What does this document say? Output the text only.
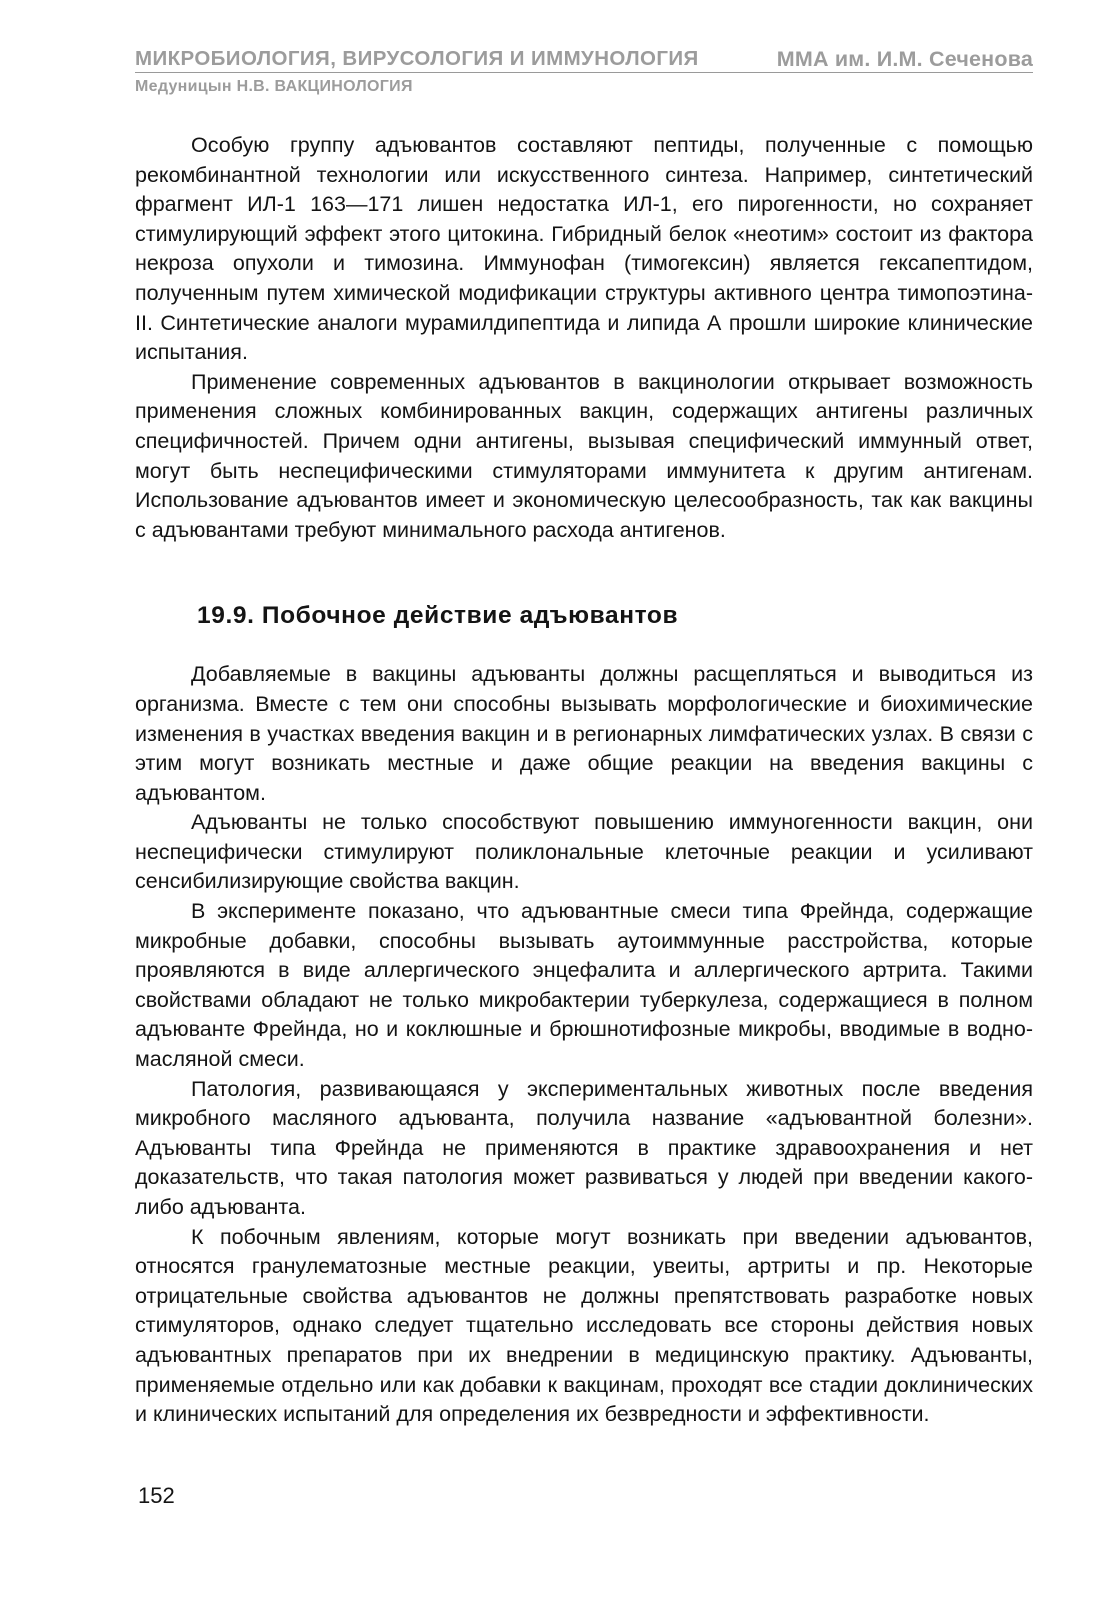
МИКРОБИОЛОГИЯ, ВИРУСОЛОГИЯ И ИММУНОЛОГИЯ	ММА им. И.М. Сеченова
Медуницын Н.В. ВАКЦИНОЛОГИЯ

Особую группу адъювантов составляют пептиды, полученные с помощью рекомбинантной технологии или искусственного синтеза. Например, синтетический фрагмент ИЛ-1 163—171 лишен недостатка ИЛ-1, его пирогенности, но сохраняет стимулирующий эффект этого цитокина. Гибридный белок «неотим» состоит из фактора некроза опухоли и тимозина. Иммунофан (тимогексин) является гексапептидом, полученным путем химической модификации структуры активного центра тимопоэтина-II. Синтетические аналоги мурамилдипептида и липида А прошли широкие клинические испытания.

Применение современных адъювантов в вакцинологии открывает возможность применения сложных комбинированных вакцин, содержащих антигены различных специфичностей. Причем одни антигены, вызывая специфический иммунный ответ, могут быть неспецифическими стимуляторами иммунитета к другим антигенам. Использование адъювантов имеет и экономическую целесообразность, так как вакцины с адъювантами требуют минимального расхода антигенов.

19.9. Побочное действие адъювантов

Добавляемые в вакцины адъюванты должны расщепляться и выводиться из организма. Вместе с тем они способны вызывать морфологические и биохимические изменения в участках введения вакцин и в регионарных лимфатических узлах. В связи с этим могут возникать местные и даже общие реакции на введения вакцины с адъювантом.

Адъюванты не только способствуют повышению иммуногенности вакцин, они неспецифически стимулируют поликлональные клеточные реакции и усиливают сенсибилизирующие свойства вакцин.

В эксперименте показано, что адъювантные смеси типа Фрейнда, содержащие микробные добавки, способны вызывать аутоиммунные расстройства, которые проявляются в виде аллергического энцефалита и аллергического артрита. Такими свойствами обладают не только микробактерии туберкулеза, содержащиеся в полном адъюванте Фрейнда, но и коклюшные и брюшнотифозные микробы, вводимые в водно-масляной смеси.

Патология, развивающаяся у экспериментальных животных после введения микробного масляного адъюванта, получила название «адъювантной болезни». Адъюванты типа Фрейнда не применяются в практике здравоохранения и нет доказательств, что такая патология может развиваться у людей при введении какого-либо адъюванта.

К побочным явлениям, которые могут возникать при введении адъювантов, относятся гранулематозные местные реакции, увеиты, артриты и пр. Некоторые отрицательные свойства адъювантов не должны препятствовать разработке новых стимуляторов, однако следует тщательно исследовать все стороны действия новых адъювантных препаратов при их внедрении в медицинскую практику. Адъюванты, применяемые отдельно или как добавки к вакцинам, проходят все стадии доклинических и клинических испытаний для определения их безвредности и эффективности.

152
